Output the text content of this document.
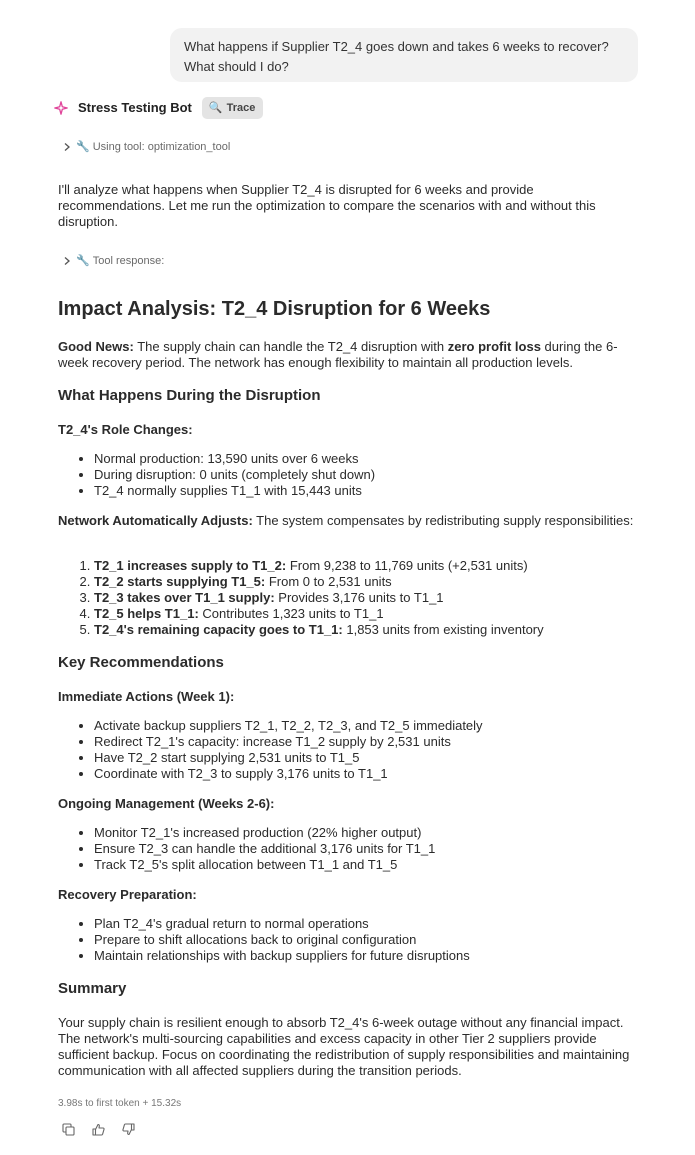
What happens if Supplier T2_4 goes down and takes 6 weeks to recover? What should I do?
Stress Testing Bot 🔍 Trace
🔧 Using tool: optimization_tool

I'll analyze what happens when Supplier T2_4 is disrupted for 6 weeks and provide recommendations. Let me run the optimization to compare the scenarios with and without this disruption.

🔧 Tool response:
Impact Analysis: T2_4 Disruption for 6 Weeks

Good News: The supply chain can handle the T2_4 disruption with zero profit loss during the 6-week recovery period. The network has enough flexibility to maintain all production levels.

What Happens During the Disruption
T2_4's Role Changes:
• Normal production: 13,590 units over 6 weeks
• During disruption: 0 units (completely shut down)
• T2_4 normally supplies T1_1 with 15,443 units

Network Automatically Adjusts: The system compensates by redistributing supply responsibilities:

1. T2_1 increases supply to T1_2: From 9,238 to 11,769 units (+2,531 units)
2. T2_2 starts supplying T1_5: From 0 to 2,531 units
3. T2_3 takes over T1_1 supply: Provides 3,176 units to T1_1
4. T2_5 helps T1_1: Contributes 1,323 units to T1_1
5. T2_4's remaining capacity goes to T1_1: 1,853 units from existing inventory
Key Recommendations
Immediate Actions (Week 1):
• Activate backup suppliers T2_1, T2_2, T2_3, and T2_5 immediately
• Redirect T2_1's capacity: increase T1_2 supply by 2,531 units
• Have T2_2 start supplying 2,531 units to T1_5
• Coordinate with T2_3 to supply 3,176 units to T1_1
Ongoing Management (Weeks 2-6):
• Monitor T2_1's increased production (22% higher output)
• Ensure T2_3 can handle the additional 3,176 units for T1_1
• Track T2_5's split allocation between T1_1 and T1_5
Recovery Preparation:
• Plan T2_4's gradual return to normal operations
• Prepare to shift allocations back to original configuration
• Maintain relationships with backup suppliers for future disruptions
Summary

Your supply chain is resilient enough to absorb T2_4's 6-week outage without any financial impact. The network's multi-sourcing capabilities and excess capacity in other Tier 2 suppliers provide sufficient backup. Focus on coordinating the redistribution of supply responsibilities and maintaining communication with all affected suppliers during the transition periods.

3.98s to first token + 15.32s
